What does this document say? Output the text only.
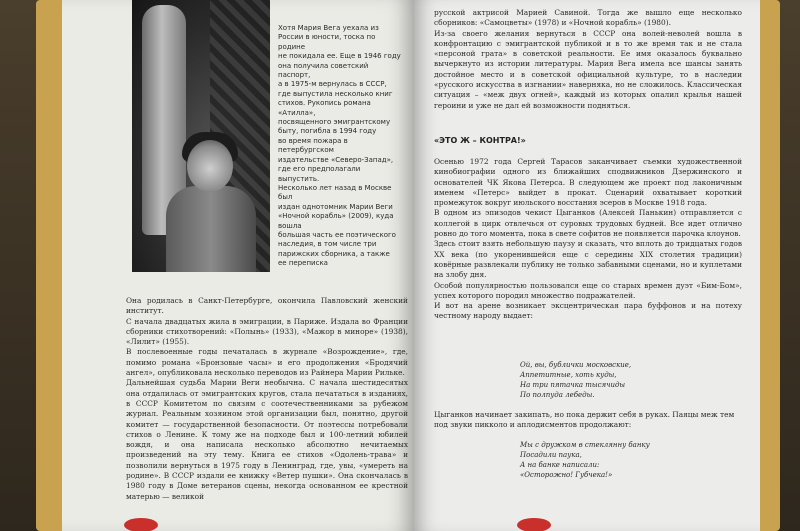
Хотя Мария Вега уехала из
России в юности, тоска по родине
не покидала ее. Еще в 1946 году
она получила советский паспорт,
а в 1975-м вернулась в СССР,
где выпустила несколько книг
стихов. Рукопись романа «Атилла»,
посвященного эмигрантскому
быту, погибла в 1994 году
во время пожара в петербургском
издательстве «Северо-Запад»,
где его предполагали выпустить.
Несколько лет назад в Москве был
издан однотомник Марии Веги
«Ночной корабль» (2009), куда вошла
большая часть ее поэтического
наследия, в том числе три
парижских сборника, а также
ее переписка

Она родилась в Санкт-Петербурге, окончила Павловский женский институт.
С начала двадцатых жила в эмиграции, в Париже. Издала во Франции сборники стихотворений: «Полынь» (1933), «Мажор в миноре» (1938), «Лилит» (1955).
В послевоенные годы печаталась в журнале «Возрождение», где, помимо романа «Бронзовые часы» и его продолжения «Бродячий ангел», опубликовала несколько переводов из Райнера Марии Рильке.
Дальнейшая судьба Марии Веги необычна. С начала шестидесятых она отдалилась от эмигрантских кругов, стала печататься в изданиях, в СССР Комитетом по связям с соотечественниками за рубежом журнал. Реальным хозяином этой организации был, понятно, другой комитет — государственной безопасности. От поэтессы потребовали стихов о Ленине. К тому же на подходе был и 100-летний юбилей вождя, и она написала несколько абсолютно нечитаемых произведений на эту тему. Книга ее стихов «Одолень-трава» и позволили вернуться в 1975 году в Ленинград, где, увы, «умереть на родине». В СССР издали ее книжку «Ветер пушки». Она скончалась в 1980 году в Доме ветеранов сцены, некогда основанном ее крестной матерью — великой

русской актрисой Марией Савиной. Тогда же вышло еще несколько сборников: «Самоцветы» (1978) и «Ночной корабль» (1980).
Из-за своего желания вернуться в СССР она волей-неволей вошла в конфронтацию с эмигрантской публикой и в то же время так и не стала «персоной грата» в советской реальности. Ее имя оказалось буквально вычеркнуто из истории литературы. Мария Вега имела все шансы занять достойное место и в советской официальной культуре, то в наследии «русского искусства в изгнании» наверняка, но не сложилось. Классическая ситуация – «меж двух огней», каждый из которых опалил крылья нашей героини и уже не дал ей возможности подняться.

«ЭТО Ж – КОНТРА!»

Осенью 1972 года Сергей Тарасов заканчивает съемки художественной кинобиографии одного из ближайших сподвижников Дзержинского и основателей ЧК Якова Петерса. В следующем же проект под лаконичным именем «Петерс» выйдет в прокат. Сценарий охватывает короткий промежуток вокруг июльского восстания эсеров в Москве 1918 года.
В одном из эпизодов чекист Цыганков (Алексей Панькин) отправляется с коллегой в цирк отвлечься от суровых трудовых будней. Все идет отлично ровно до того момента, пока в свете софитов не появляется парочка клоунов.
Здесь стоит взять небольшую паузу и сказать, что вплоть до тридцатых годов XX века (по укоренившейся еще с середины XIX столетия традиции) ковёрные развлекали публику не только забавными сценами, но и куплетами на злобу дня.
Особой популярностью пользовался еще со старых времен дуэт «Бим-Бом», успех которого породил множество подражателей.
И вот на арене возникает эксцентрическая пара буффонов и на потеху честному народу выдает:

Ой, вы, бублички московские,
Аппетитные, хоть куды,
На три пятачка тысячиды
По полпуда лебеды.

Цыганков начинает закипать, но пока держит себя в руках. Паяцы меж тем под звуки пикколо и аплодисментов продолжают:

Мы с дружком в стеклянну банку
Посадили паука,
А на банке написали:
«Осторожно! Губчека!»
